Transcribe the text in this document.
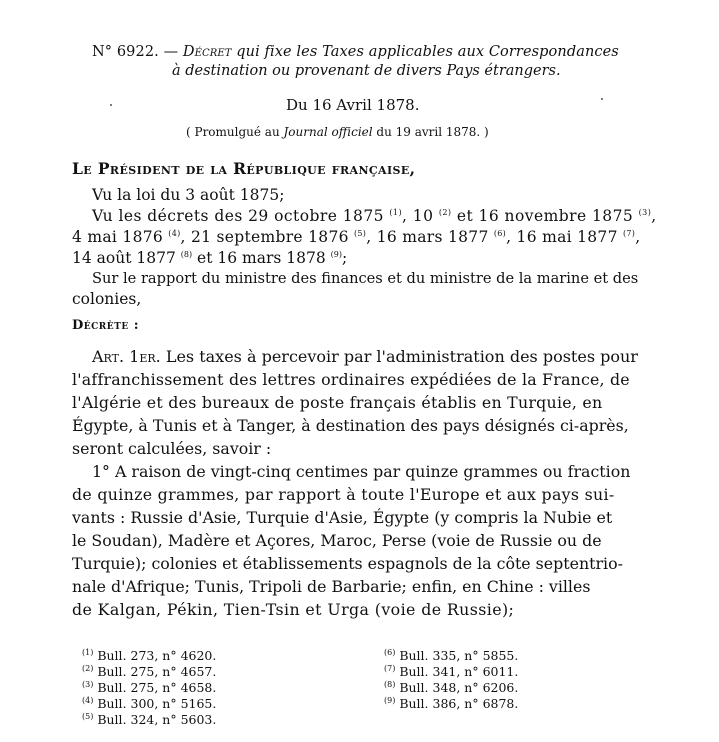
N° 6922. — Décret qui fixe les Taxes applicables aux Correspondances
à destination ou provenant de divers Pays étrangers.
Du 16 Avril 1878.
( Promulgué au Journal officiel du 19 avril 1878. )
Le Président de la République française,
Vu la loi du 3 août 1875;
Vu les décrets des 29 octobre 1875 $^{(1)}$, 10 $^{(2)}$ et 16 novembre 1875 $^{(3)}$,
4 mai 1876 $^{(4)}$, 21 septembre 1876 $^{(5)}$, 16 mars 1877 $^{(6)}$, 16 mai 1877 $^{(7)}$,
14 août 1877 $^{(8)}$ et 16 mars 1878 $^{(9)}$;
Sur le rapport du ministre des finances et du ministre de la marine et des
colonies,
Décrète :
Art. 1er. Les taxes à percevoir par l'administration des postes pour
l'affranchissement des lettres ordinaires expédiées de la France, de
l'Algérie et des bureaux de poste français établis en Turquie, en
Égypte, à Tunis et à Tanger, à destination des pays désignés ci-après,
seront calculées, savoir :
1° A raison de vingt-cinq centimes par quinze grammes ou fraction
de quinze grammes, par rapport à toute l'Europe et aux pays sui-
vants : Russie d'Asie, Turquie d'Asie, Égypte (y compris la Nubie et
le Soudan), Madère et Açores, Maroc, Perse (voie de Russie ou de
Turquie); colonies et établissements espagnols de la côte septentrio-
nale d'Afrique; Tunis, Tripoli de Barbarie; enfin, en Chine : villes
de Kalgan, Pékin, Tien-Tsin et Urga (voie de Russie);
$^{(1)}$ Bull. 273, n° 4620.
$^{(2)}$ Bull. 275, n° 4657.
$^{(3)}$ Bull. 275, n° 4658.
$^{(4)}$ Bull. 300, n° 5165.
$^{(5)}$ Bull. 324, n° 5603.
$^{(6)}$ Bull. 335, n° 5855.
$^{(7)}$ Bull. 341, n° 6011.
$^{(8)}$ Bull. 348, n° 6206.
$^{(9)}$ Bull. 386, n° 6878.
